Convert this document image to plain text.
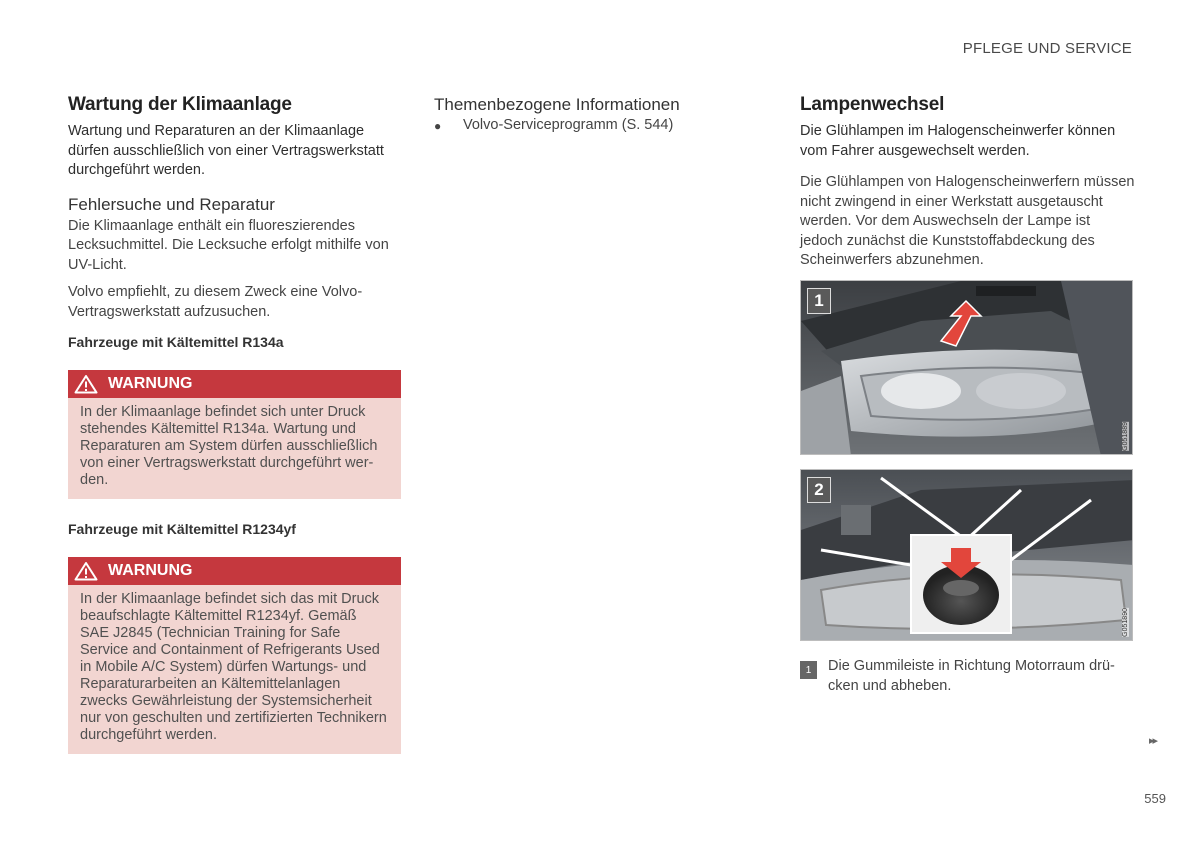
PFLEGE UND SERVICE
Wartung der Klimaanlage

Wartung und Reparaturen an der Klimaanlage dürfen ausschließlich von einer Vertragswerkstatt durchgeführt werden.

Fehlersuche und Reparatur

Die Klimaanlage enthält ein fluoreszierendes Lecksuchmittel. Die Lecksuche erfolgt mithilfe von UV-Licht.

Volvo empfiehlt, zu diesem Zweck eine Volvo-Vertragswerkstatt aufzusuchen.

Fahrzeuge mit Kältemittel R134a

WARNUNG
In der Klimaanlage befindet sich unter Druck stehendes Kältemittel R134a. Wartung und Reparaturen am System dürfen ausschließlich von einer Vertragswerkstatt durchgeführt werden.

Fahrzeuge mit Kältemittel R1234yf

WARNUNG
In der Klimaanlage befindet sich das mit Druck beaufschlagte Kältemittel R1234yf. Gemäß SAE J2845 (Technician Training for Safe Service and Containment of Refrigerants Used in Mobile A/C System) dürfen Wartungs- und Reparaturarbeiten an Kältemittelanlagen zwecks Gewährleistung der Systemsicherheit nur von geschulten und zertifizierten Technikern durchgeführt werden.
Themenbezogene Informationen
●	Volvo-Serviceprogramm (S. 544)
Lampenwechsel

Die Glühlampen im Halogenscheinwerfer können vom Fahrer ausgewechselt werden.

Die Glühlampen von Halogenscheinwerfern müssen nicht zwingend in einer Werkstatt ausgetauscht werden. Vor dem Auswechseln der Lampe ist jedoch zunächst die Kunststoffabdeckung des Scheinwerfers abzunehmen.

1
G051889
2
G051890
1	Die Gummileiste in Richtung Motorraum drücken und abheben.

▸▸
559
